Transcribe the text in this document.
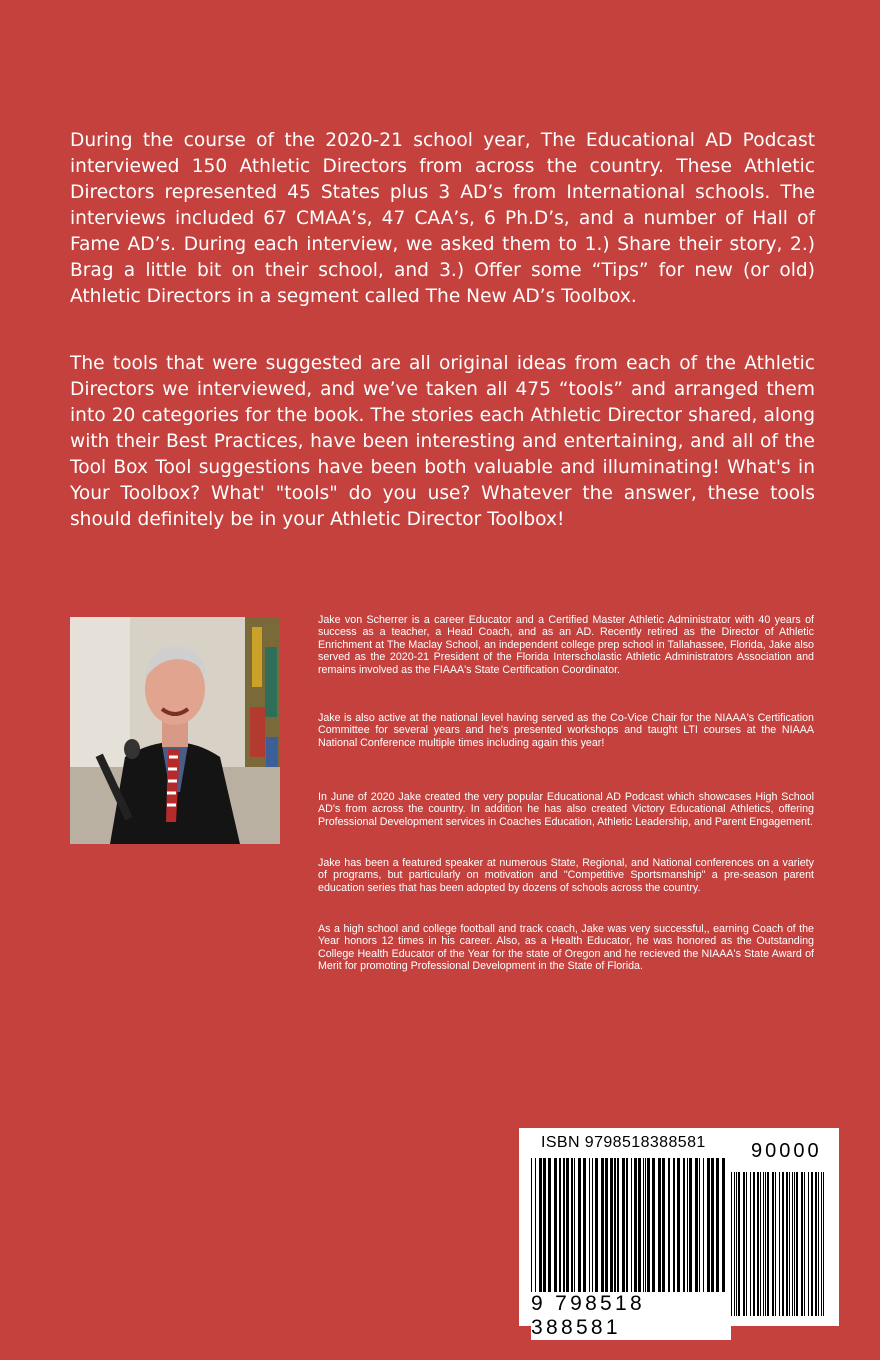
During the course of the 2020-21 school year, The Educational AD Podcast interviewed 150 Athletic Directors from across the country. These Athletic Directors represented 45 States plus 3 AD’s from International schools. The interviews included 67 CMAA’s, 47 CAA’s, 6 Ph.D’s, and a number of Hall of Fame AD’s. During each interview, we asked them to 1.) Share their story, 2.) Brag a little bit on their school, and 3.) Offer some “Tips” for new (or old) Athletic Directors in a segment called The New AD’s Toolbox.

The tools that were suggested are all original ideas from each of the Athletic Directors we interviewed, and we’ve taken all 475 “tools” and arranged them into 20 categories for the book. The stories each Athletic Director shared, along with their Best Practices, have been interesting and entertaining, and all of the Tool Box Tool suggestions have been both valuable and illuminating! What's in Your Toolbox? What' "tools" do you use? Whatever the answer, these tools should definitely be in your Athletic Director Toolbox!

Jake von Scherrer is a career Educator and a Certified Master Athletic Administrator with 40 years of success as a teacher, a Head Coach, and as an AD. Recently retired as the Director of Athletic Enrichment at The Maclay School, an independent college prep school in Tallahassee, Florida, Jake also served as the 2020-21 President of the Florida Interscholastic Athletic Administrators Association and remains involved as the FIAAA's State Certification Coordinator.

Jake is also active at the national level having served as the Co-Vice Chair for the NIAAA's Certification Committee for several years and he's presented workshops and taught LTI courses at the NIAAA National Conference multiple times including again this year!

In June of 2020 Jake created the very popular Educational AD Podcast which showcases High School AD's from across the country. In addition he has also created Victory Educational Athletics, offering Professional Development services in Coaches Education, Athletic Leadership, and Parent Engagement.

Jake has been a featured speaker at numerous State, Regional, and National conferences on a variety of programs, but particularly on motivation and "Competitive Sportsmanship" a pre-season parent education series that has been adopted by dozens of schools across the country.

As a high school and college football and track coach, Jake was very successful,, earning Coach of the Year honors 12 times in his career. Also, as a Health Educator, he was honored as the Outstanding College Health Educator of the Year for the state of Oregon and he recieved the NIAAA's State Award of Merit for promoting Professional Development in the State of Florida.

ISBN 9798518388581 90000
9 798518 388581
